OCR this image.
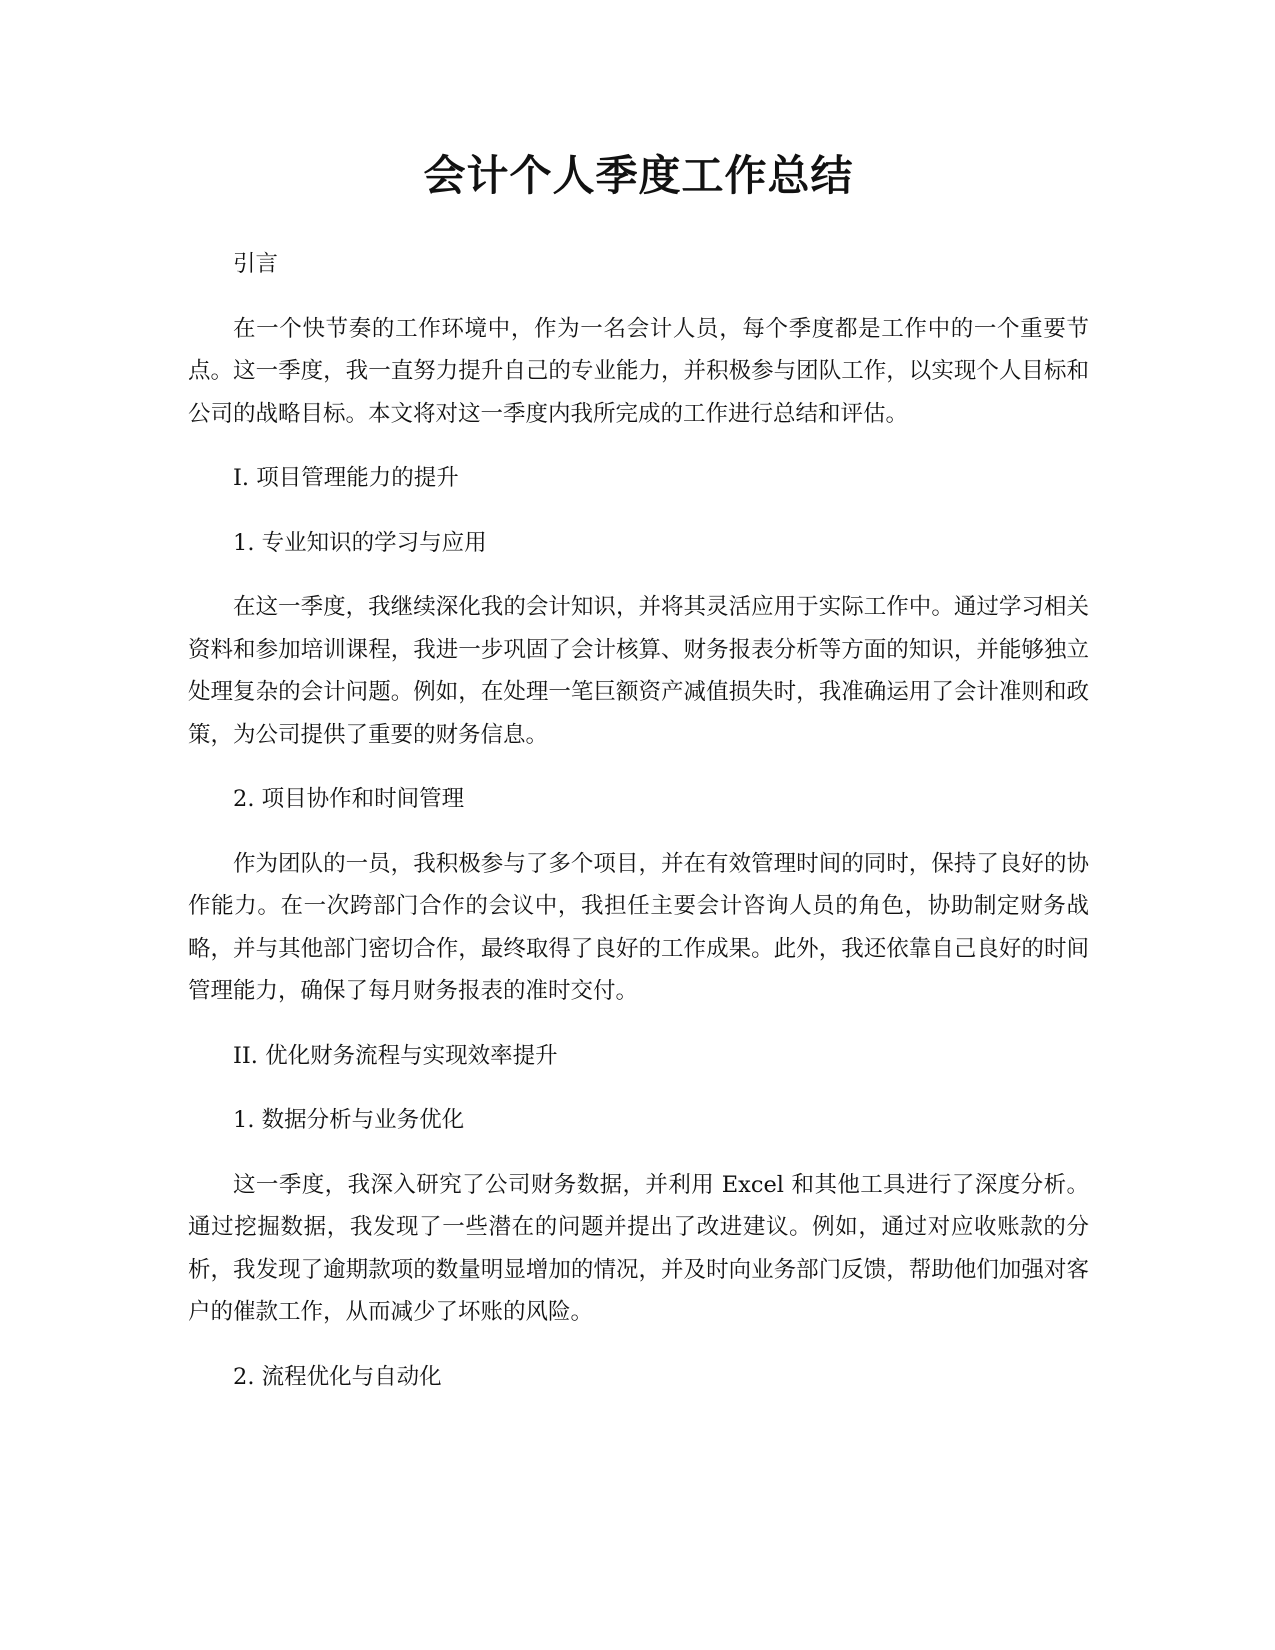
会计个人季度工作总结

引言

在一个快节奏的工作环境中，作为一名会计人员，每个季度都是工作中的一个重要节点。这一季度，我一直努力提升自己的专业能力，并积极参与团队工作，以实现个人目标和公司的战略目标。本文将对这一季度内我所完成的工作进行总结和评估。

I. 项目管理能力的提升

1. 专业知识的学习与应用

在这一季度，我继续深化我的会计知识，并将其灵活应用于实际工作中。通过学习相关资料和参加培训课程，我进一步巩固了会计核算、财务报表分析等方面的知识，并能够独立处理复杂的会计问题。例如，在处理一笔巨额资产减值损失时，我准确运用了会计准则和政策，为公司提供了重要的财务信息。

2. 项目协作和时间管理

作为团队的一员，我积极参与了多个项目，并在有效管理时间的同时，保持了良好的协作能力。在一次跨部门合作的会议中，我担任主要会计咨询人员的角色，协助制定财务战略，并与其他部门密切合作，最终取得了良好的工作成果。此外，我还依靠自己良好的时间管理能力，确保了每月财务报表的准时交付。

II. 优化财务流程与实现效率提升

1. 数据分析与业务优化

这一季度，我深入研究了公司财务数据，并利用 Excel 和其他工具进行了深度分析。通过挖掘数据，我发现了一些潜在的问题并提出了改进建议。例如，通过对应收账款的分析，我发现了逾期款项的数量明显增加的情况，并及时向业务部门反馈，帮助他们加强对客户的催款工作，从而减少了坏账的风险。

2. 流程优化与自动化
